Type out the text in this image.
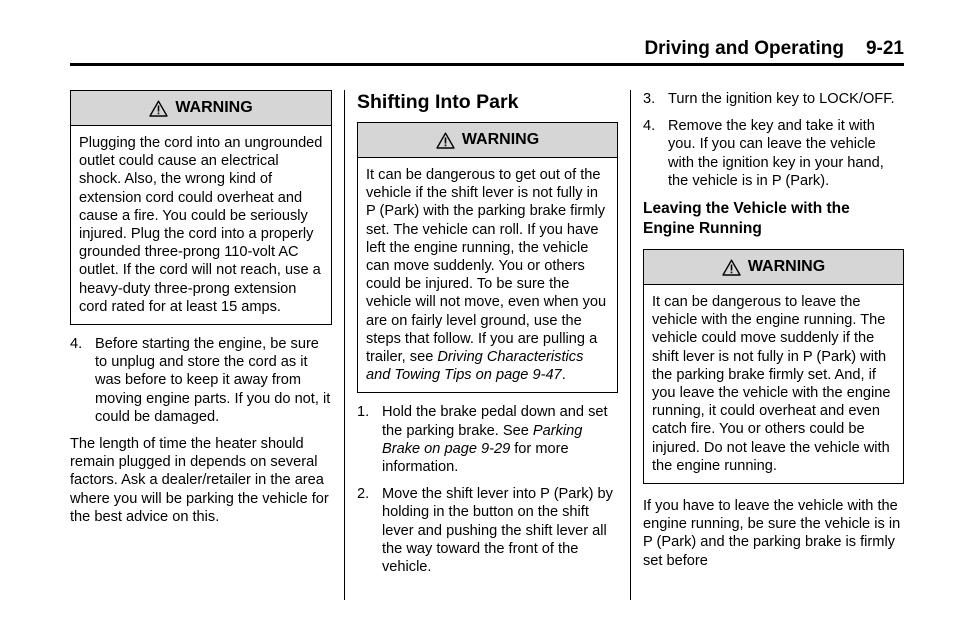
Driving and Operating 9-21
WARNING
Plugging the cord into an ungrounded outlet could cause an electrical shock. Also, the wrong kind of extension cord could overheat and cause a fire. You could be seriously injured. Plug the cord into a properly grounded three-prong 110-volt AC outlet. If the cord will not reach, use a heavy-duty three-prong extension cord rated for at least 15 amps.
4. Before starting the engine, be sure to unplug and store the cord as it was before to keep it away from moving engine parts. If you do not, it could be damaged.

The length of time the heater should remain plugged in depends on several factors. Ask a dealer/retailer in the area where you will be parking the vehicle for the best advice on this.

Shifting Into Park
WARNING
It can be dangerous to get out of the vehicle if the shift lever is not fully in P (Park) with the parking brake firmly set. The vehicle can roll. If you have left the engine running, the vehicle can move suddenly. You or others could be injured. To be sure the vehicle will not move, even when you are on fairly level ground, use the steps that follow. If you are pulling a trailer, see Driving Characteristics and Towing Tips on page 9-47.
1. Hold the brake pedal down and set the parking brake. See Parking Brake on page 9-29 for more information.
2. Move the shift lever into P (Park) by holding in the button on the shift lever and pushing the shift lever all the way toward the front of the vehicle.
3. Turn the ignition key to LOCK/OFF.
4. Remove the key and take it with you. If you can leave the vehicle with the ignition key in your hand, the vehicle is in P (Park).
Leaving the Vehicle with the Engine Running
WARNING
It can be dangerous to leave the vehicle with the engine running. The vehicle could move suddenly if the shift lever is not fully in P (Park) with the parking brake firmly set. And, if you leave the vehicle with the engine running, it could overheat and even catch fire. You or others could be injured. Do not leave the vehicle with the engine running.

If you have to leave the vehicle with the engine running, be sure the vehicle is in P (Park) and the parking brake is firmly set before
